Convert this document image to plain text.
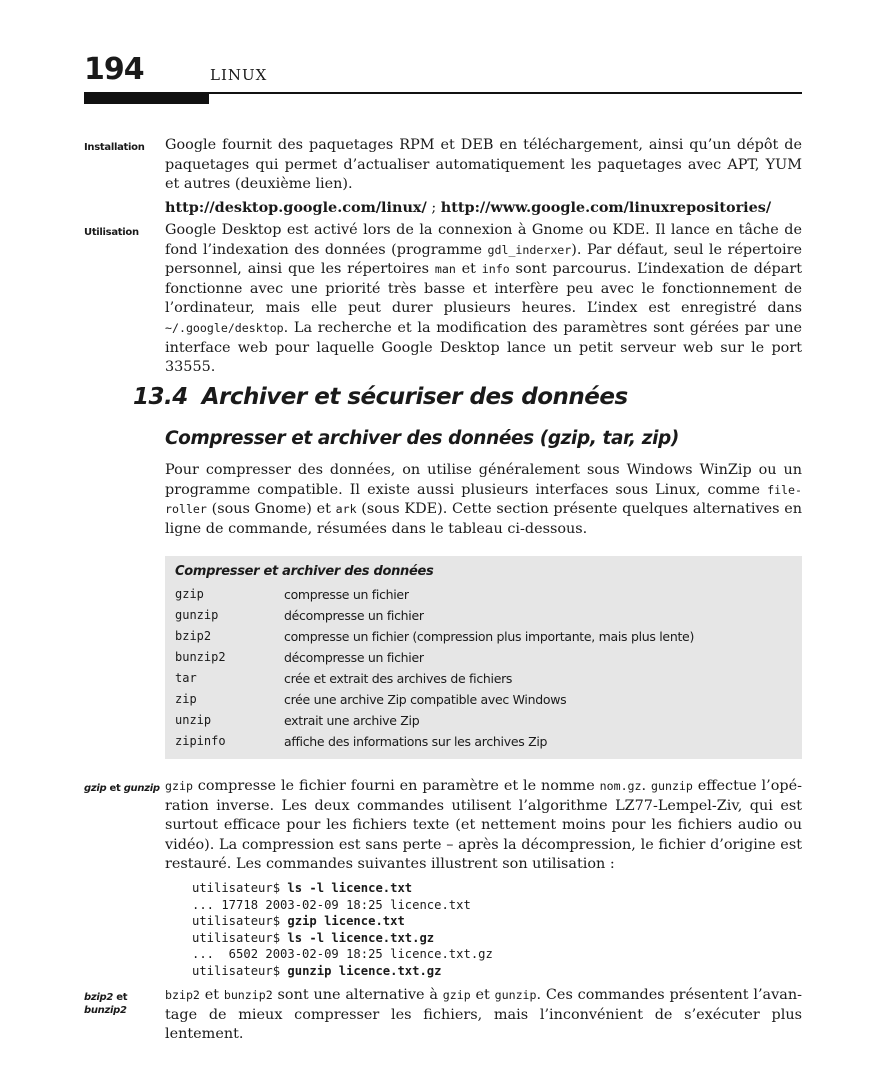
194	LINUX
Installation Google fournit des paquetages RPM et DEB en téléchargement, ainsi qu’un dépôt de paquetages qui permet d’actualiser automatiquement les paquetages avec APT, YUM et autres (deuxième lien).
http://desktop.google.com/linux/ ; http://www.google.com/linuxrepositories/
Utilisation Google Desktop est activé lors de la connexion à Gnome ou KDE. Il lance en tâche de fond l’indexation des données (programme gdl_inderxer). Par défaut, seul le répertoire personnel, ainsi que les répertoires man et info sont parcourus. L’indexation de départ fonctionne avec une priorité très basse et interfère peu avec le fonctionnement de l’ordinateur, mais elle peut durer plusieurs heures. L’index est enregistré dans ~/.google/desktop. La recherche et la modification des paramètres sont gérées par une interface web pour laquelle Google Desktop lance un petit serveur web sur le port 33555.
13.4 Archiver et sécuriser des données
Compresser et archiver des données (gzip, tar, zip)
Pour compresser des données, on utilise généralement sous Windows WinZip ou un programme compatible. Il existe aussi plusieurs interfaces sous Linux, comme file-roller (sous Gnome) et ark (sous KDE). Cette section présente quelques alternatives en ligne de commande, résumées dans le tableau ci-dessous.
Compresser et archiver des données
gzip	compresse un fichier
gunzip	décompresse un fichier
bzip2	compresse un fichier (compression plus importante, mais plus lente)
bunzip2	décompresse un fichier
tar	crée et extrait des archives de fichiers
zip	crée une archive Zip compatible avec Windows
unzip	extrait une archive Zip
zipinfo	affiche des informations sur les archives Zip
gzip et gunzip gzip compresse le fichier fourni en paramètre et le nomme nom.gz. gunzip effectue l’opération inverse. Les deux commandes utilisent l’algorithme LZ77-Lempel-Ziv, qui est surtout efficace pour les fichiers texte (et nettement moins pour les fichiers audio ou vidéo). La compression est sans perte – après la décompression, le fichier d’origine est restauré. Les commandes suivantes illustrent son utilisation :
utilisateur$ ls -l licence.txt
... 17718 2003-02-09 18:25 licence.txt
utilisateur$ gzip licence.txt
utilisateur$ ls -l licence.txt.gz
...  6502 2003-02-09 18:25 licence.txt.gz
utilisateur$ gunzip licence.txt.gz
bzip2 et
bunzip2
bzip2 et bunzip2 sont une alternative à gzip et gunzip. Ces commandes présentent l’avantage de mieux compresser les fichiers, mais l’inconvénient de s’exécuter plus lentement.
